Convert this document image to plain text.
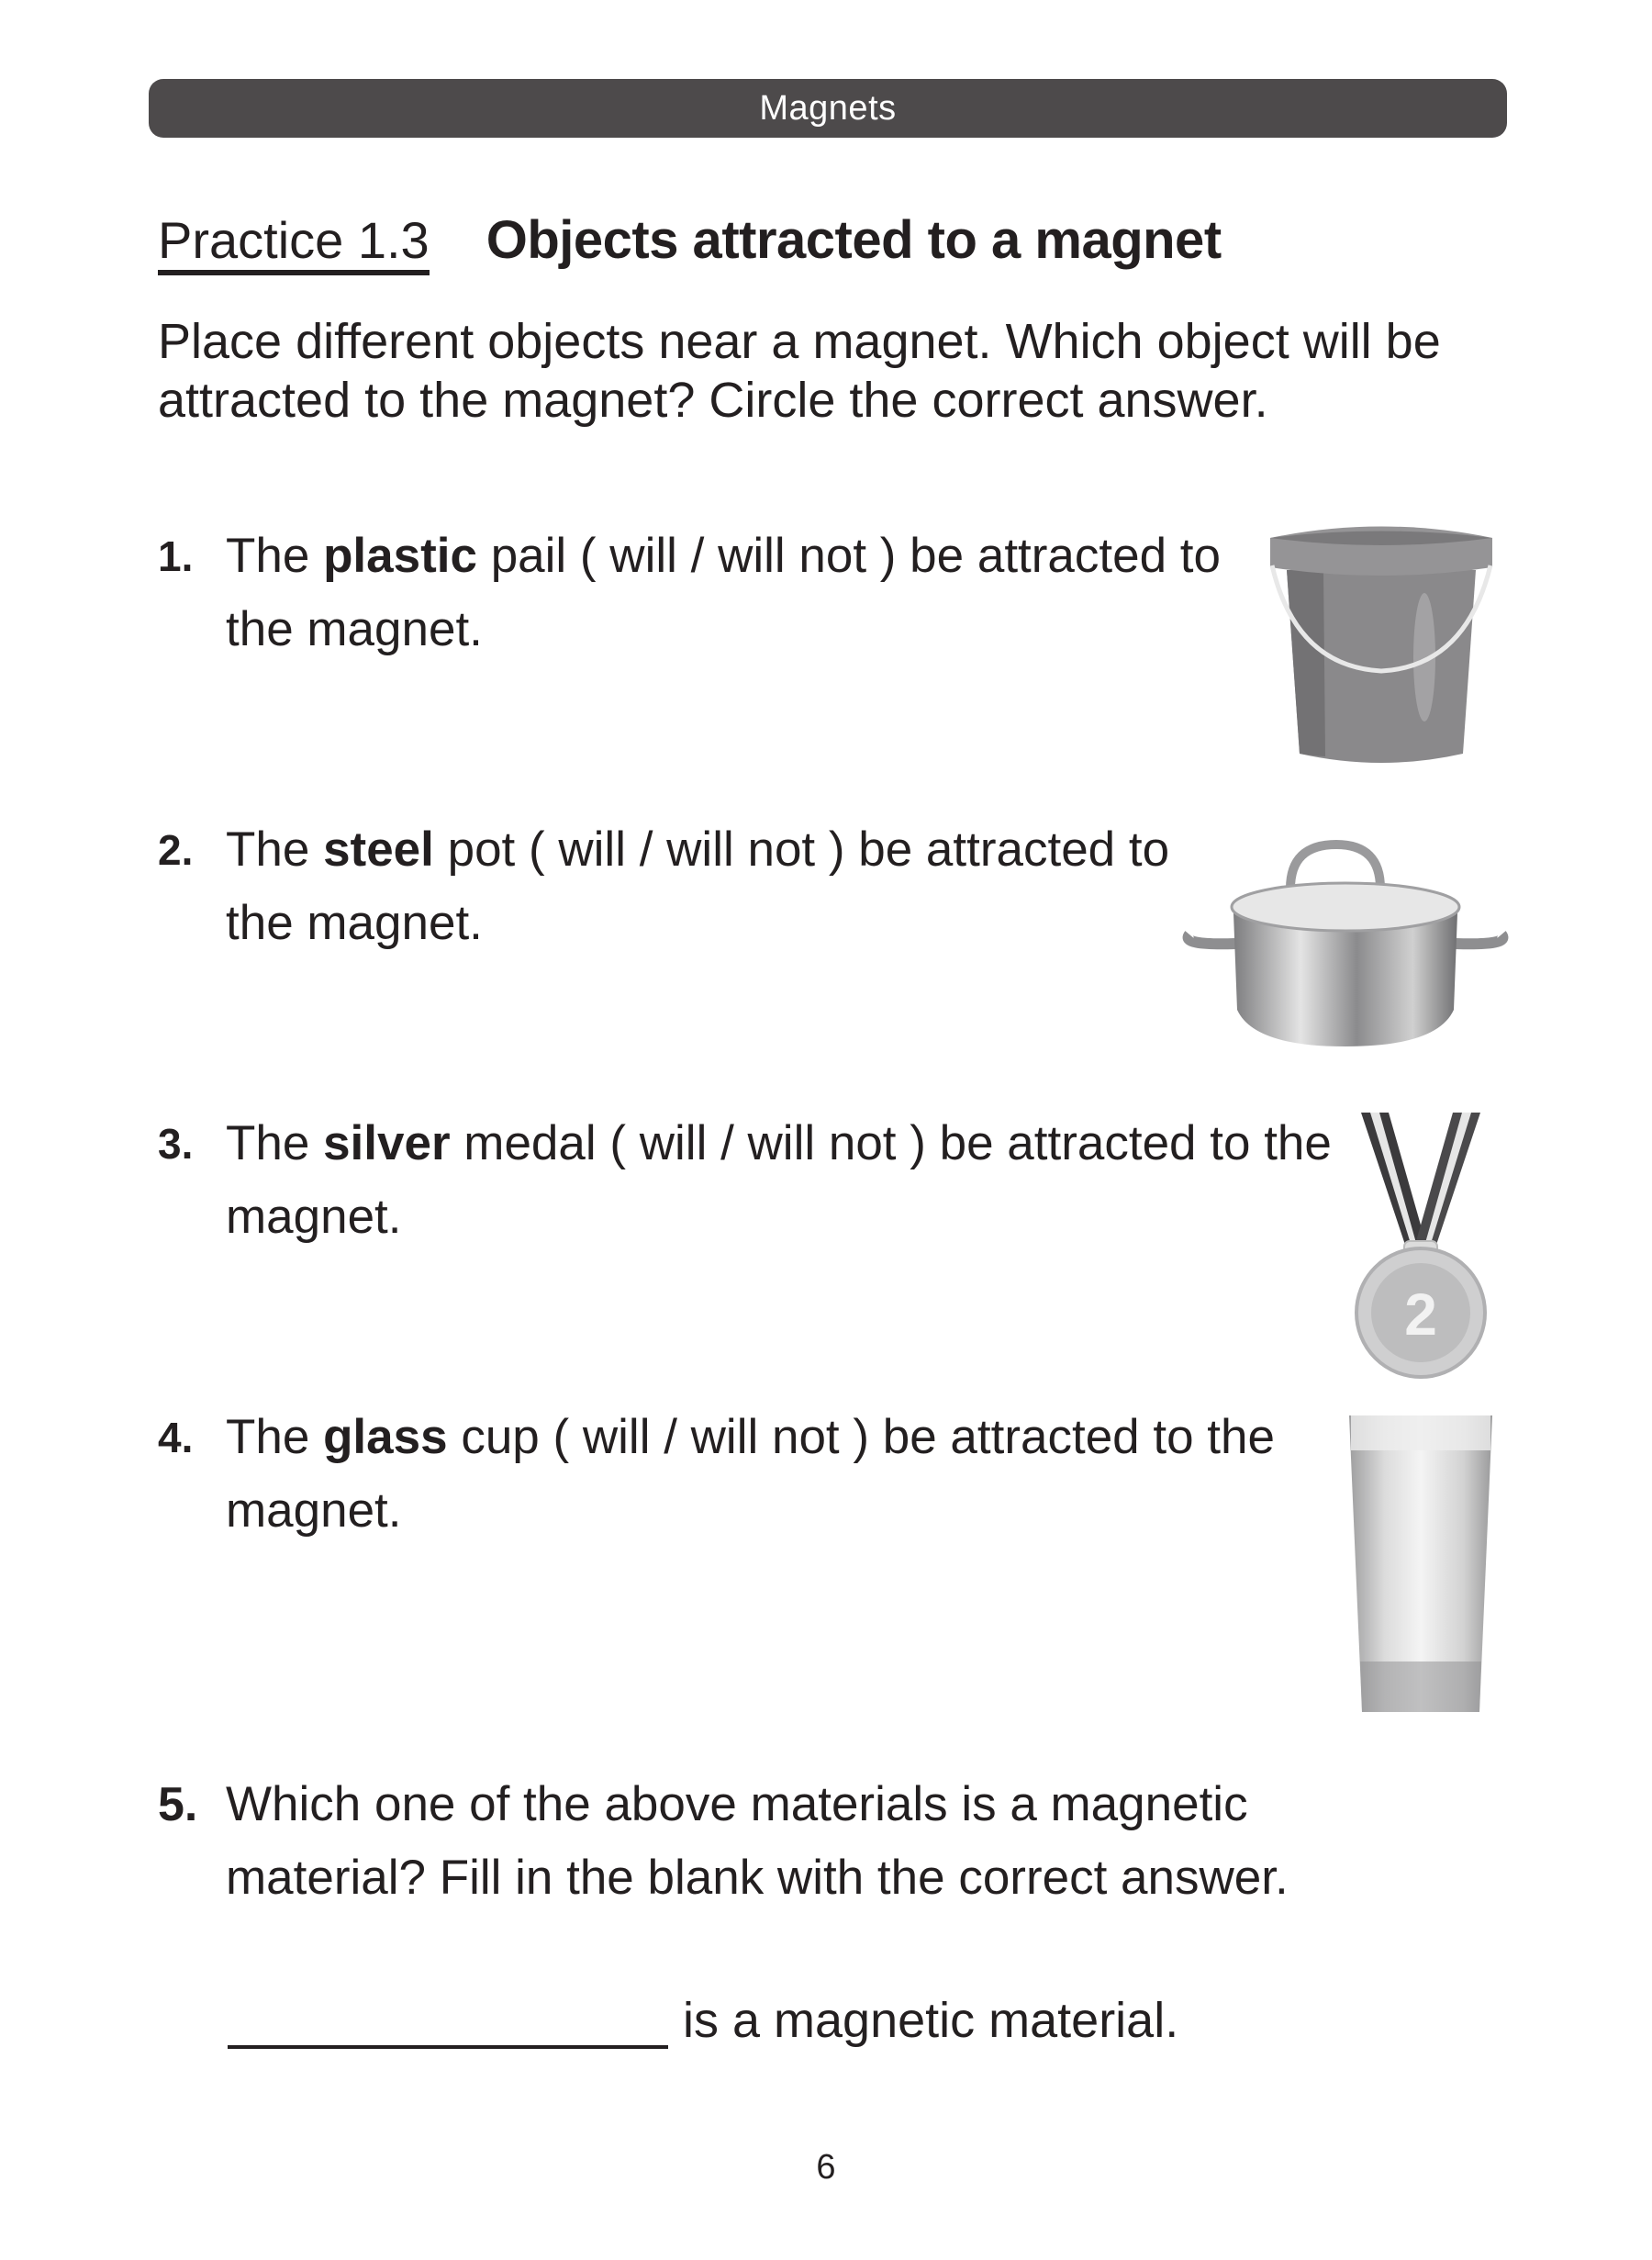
Magnets
Practice 1.3 Objects attracted to a magnet
Place different objects near a magnet. Which object will be attracted to the magnet? Circle the correct answer.
1. The plastic pail ( will / will not ) be attracted to the magnet.
2. The steel pot ( will / will not ) be attracted to the magnet.
3. The silver medal ( will / will not ) be attracted to the magnet.
2
4. The glass cup ( will / will not ) be attracted to the magnet.
5. Which one of the above materials is a magnetic material? Fill in the blank with the correct answer.
is a magnetic material.
6
